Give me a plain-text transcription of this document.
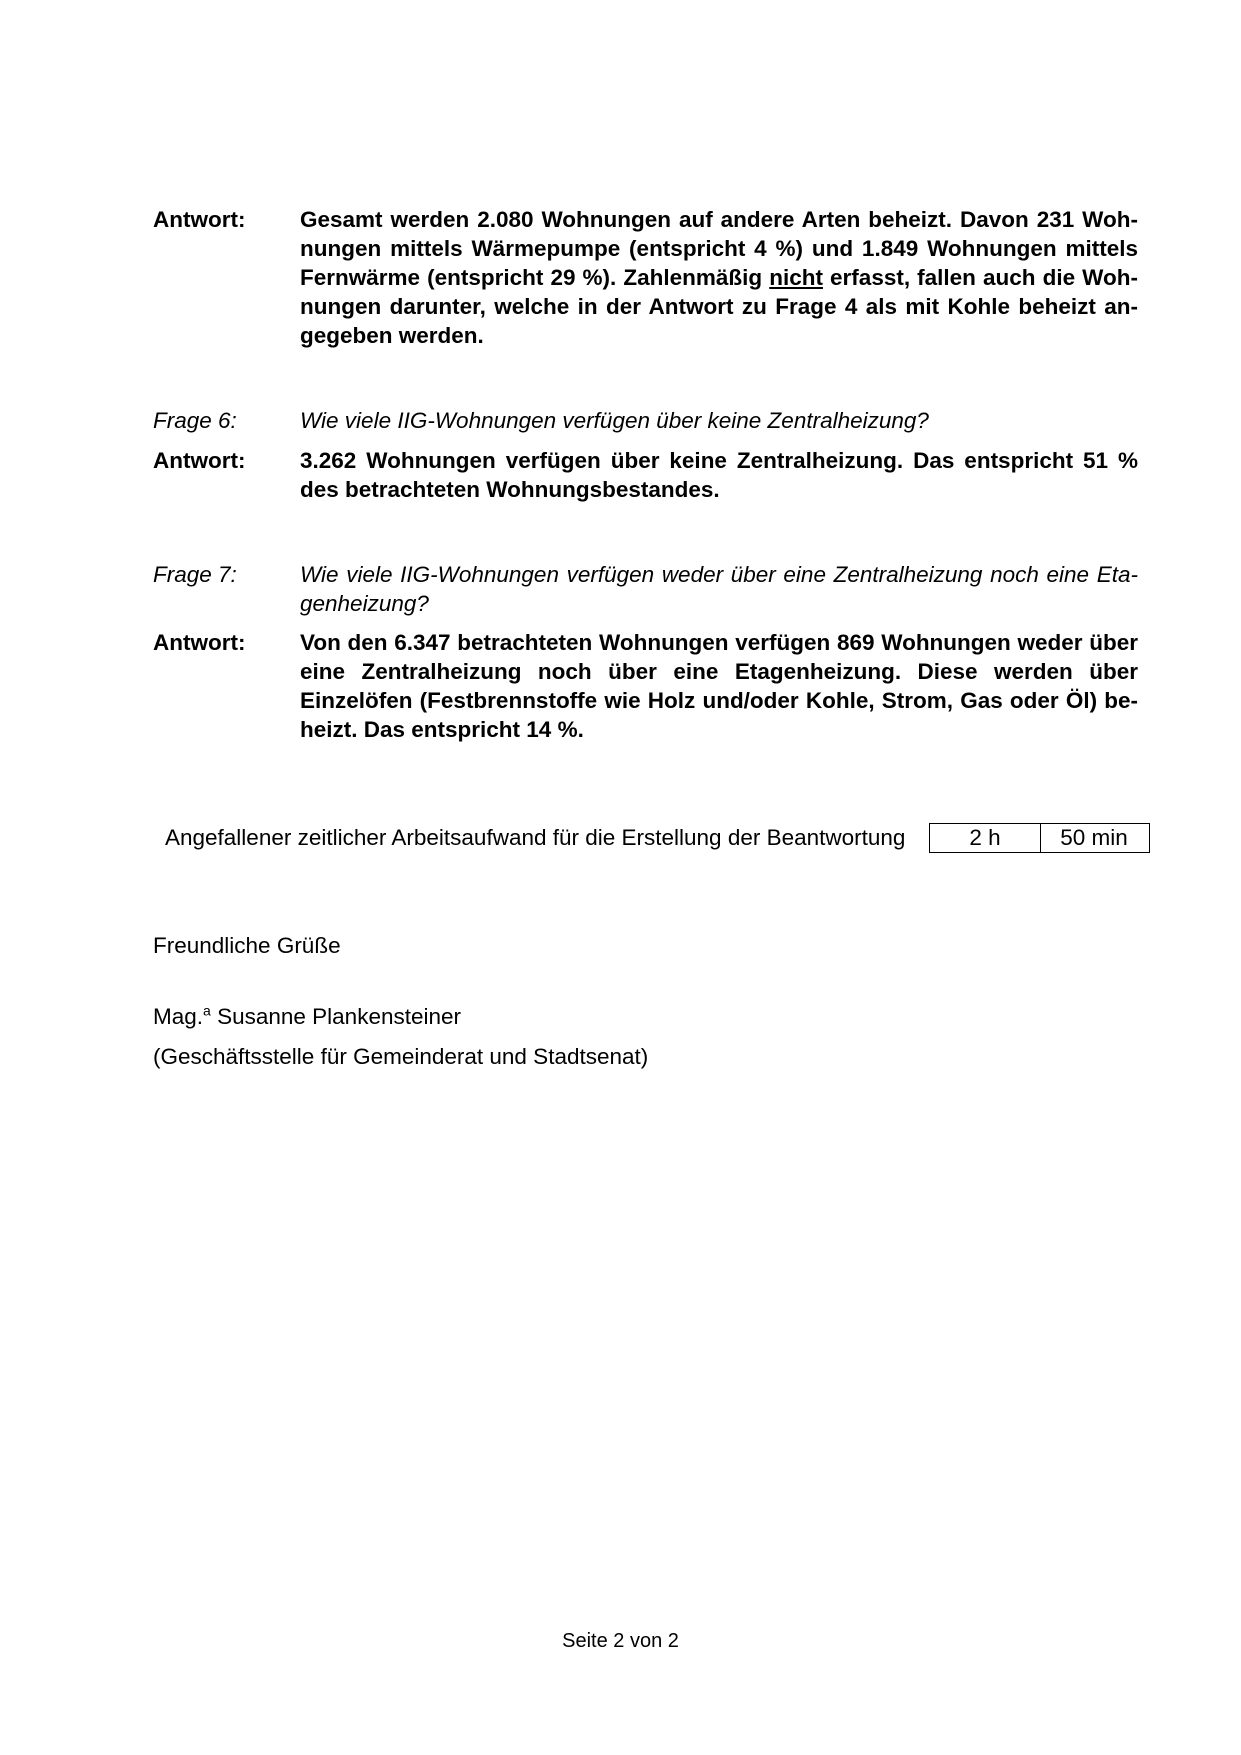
Antwort:	Gesamt werden 2.080 Wohnungen auf andere Arten beheizt. Davon 231 Wohnungen mittels Wärmepumpe (entspricht 4 %) und 1.849 Wohnungen mittels Fernwärme (entspricht 29 %). Zahlenmäßig nicht erfasst, fallen auch die Wohnungen darunter, welche in der Antwort zu Frage 4 als mit Kohle beheizt angegeben werden.
Frage 6:	Wie viele IIG-Wohnungen verfügen über keine Zentralheizung?
Antwort:	3.262 Wohnungen verfügen über keine Zentralheizung. Das entspricht 51 % des betrachteten Wohnungsbestandes.
Frage 7:	Wie viele IIG-Wohnungen verfügen weder über eine Zentralheizung noch eine Etagenheizung?
Antwort:	Von den 6.347 betrachteten Wohnungen verfügen 869 Wohnungen weder über eine Zentralheizung noch über eine Etagenheizung. Diese werden über Einzelöfen (Festbrennstoffe wie Holz und/oder Kohle, Strom, Gas oder Öl) beheizt. Das entspricht 14 %.
Angefallener zeitlicher Arbeitsaufwand für die Erstellung der Beantwortung	2 h	50 min
Freundliche Grüße
Mag.$^a$ Susanne Plankensteiner
(Geschäftsstelle für Gemeinderat und Stadtsenat)
Seite 2 von 2
